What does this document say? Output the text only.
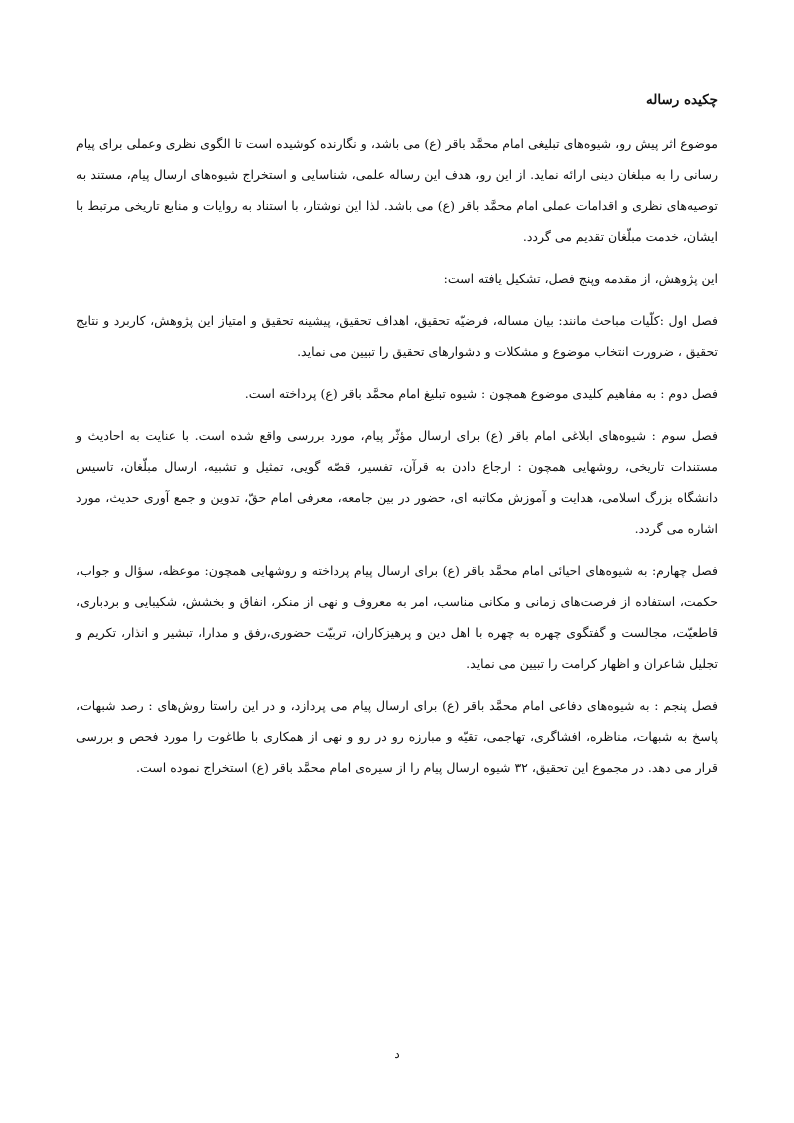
چکیده رساله

موضوع اثر پیش رو، شیوه‌های تبلیغی امام محمَّد باقر (ع) می باشد، و نگارنده کوشیده است تا الگوی نظری وعملی برای پیام رسانی را به مبلغان دینی ارائه نماید. از این رو، هدف این رساله علمی، شناسایی و استخراج شیوه‌های ارسال پیام، مستند به توصیه‌های نظری و اقدامات عملی امام محمَّد باقر (ع) می باشد. لذا این نوشتار، با استناد به روایات و منابع تاریخی مرتبط با ایشان، خدمت مبلّغان تقدیم می گردد.

این پژوهش، از مقدمه وپنج فصل، تشکیل یافته است:

فصل اول :کلّیات مباحث مانند: بیان مساله، فرضیّه تحقیق، اهداف تحقیق، پیشینه تحقیق و امتیاز این پژوهش، کاربرد و نتایج تحقیق ، ضرورت انتخاب موضوع و مشکلات و دشوارهای تحقیق را تبیین می نماید.

فصل دوم : به مفاهیم کلیدی موضوع همچون : شیوه تبلیغ امام محمَّد باقر (ع) پرداخته است.

فصل سوم : شیوه‌های ابلاغی امام باقر (ع) برای ارسال مؤثّر پیام، مورد بررسی واقع شده است. با عنایت به احادیث و مستندات تاریخی، روشهایی همچون : ارجاع دادن به قرآن، تفسیر، قصّه گویی، تمثیل و تشبیه، ارسال مبلّغان، تاسیس دانشگاه بزرگ اسلامی، هدایت و آموزش مکاتبه ای، حضور در بین جامعه، معرفی امام حقّ، تدوین و جمع آوری حدیث، مورد اشاره می گردد.

فصل چهارم: به شیوه‌های احیائی امام محمَّد باقر (ع) برای ارسال پیام پرداخته و روشهایی همچون: موعظه، سؤال و جواب، حکمت، استفاده از فرصت‌های زمانی و مکانی مناسب، امر به معروف و نهی از منکر، انفاق و بخشش، شکیبایی و بردباری، قاطعیّت، مجالست و گفتگوی چهره به چهره با اهل دین و پرهیزکاران، تربیّت حضوری،رفق و مدارا، تبشیر و انذار، تکریم و تجلیل شاعران و اظهار کرامت را تبیین می نماید.

فصل پنجم : به شیوه‌های دفاعی امام محمَّد باقر (ع) برای ارسال پیام می پردازد، و در این راستا روش‌های : رصد شبهات، پاسخ به شبهات، مناظره، افشاگری، تهاجمی، تقیّه و مبارزه رو در رو و نهی از همکاری با طاغوت را مورد فحص و بررسی قرار می دهد. در مجموع این تحقیق، ۳۲ شیوه ارسال پیام را از سیره‌ی امام محمَّد باقر (ع) استخراج نموده است.

د
